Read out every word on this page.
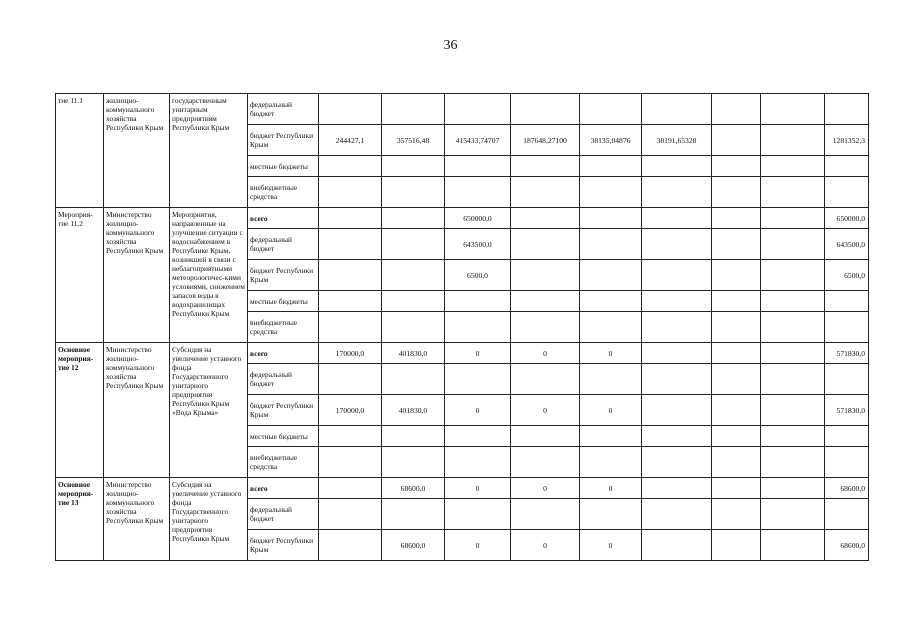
36
тие 11.1	жилищно-коммунального хозяйства Республики Крым	государственным унитарным предприятиям Республики Крым	федеральный бюджет									
			бюджет Республики Крым	244427,1	357516,48	415433,74707	187648,27100	38135,04876	38191,65328			1281352,3
			местные бюджеты									
			внебюджетные средства									
Мероприя-тие 11.2	Министерство жилищно-коммунального хозяйства Республики Крым	Мероприятия, направленные на улучшение ситуации с водоснабжением в Республике Крым, возникшей в связи с неблагоприятными метеорологичес-кими условиями, снижением запасов воды в водохранилищах Республики Крым	всего			650000,0						650000,0
			федеральный бюджет			643500,0						643500,0
			бюджет Республики Крым			6500,0						6500,0
			местные бюджеты									
			внебюджетные средства									
Основное мероприя-тие 12	Министерство жилищно-коммунального хозяйства Республики Крым	Субсидия на увеличение уставного фонда Государственного унитарного предприятия Республики Крым «Вода Крыма»	всего	170000,0	401830,0	0	0	0				571830,0
			федеральный бюджет									
			бюджет Республики Крым	170000,0	401830,0	0	0	0				571830,0
			местные бюджеты									
			внебюджетные средства									
Основное мероприя-тие 13	Министерство жилищно-коммунального хозяйства Республики Крым	Субсидия на увеличение уставного фонда Государственного унитарного предприятия Республики Крым	всего		68600,0	0	0	0				68600,0
			федеральный бюджет									
			бюджет Республики Крым		68600,0	0	0	0				68600,0
